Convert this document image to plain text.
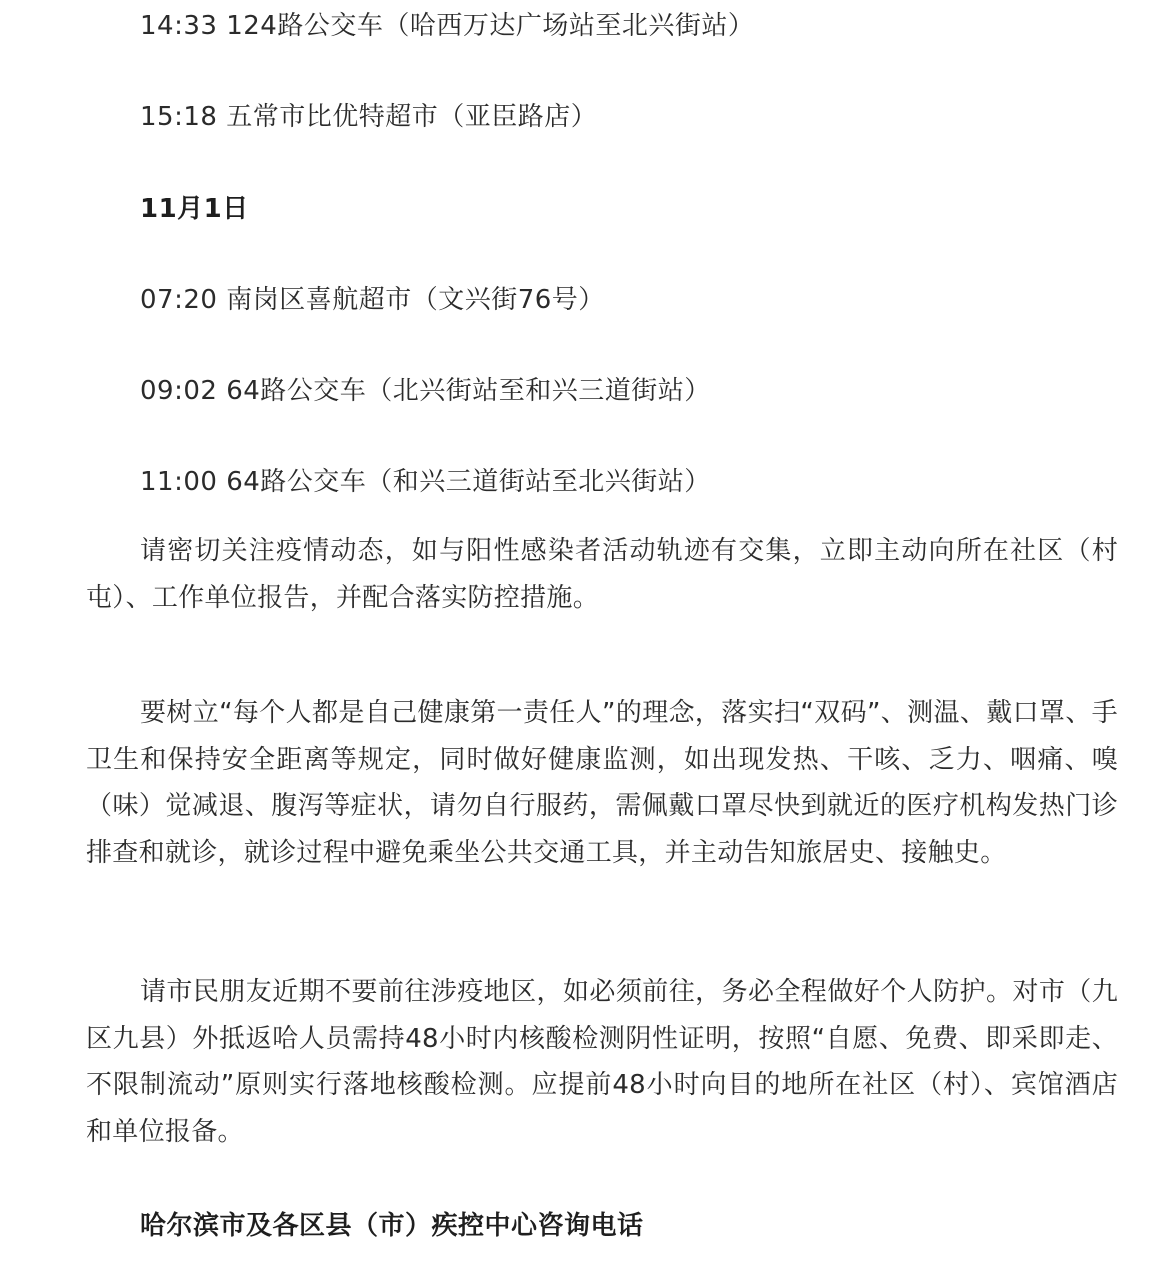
14:33 124路公交车（哈西万达广场站至北兴街站）
15:18 五常市比优特超市（亚臣路店）
11月1日
07:20 南岗区喜航超市（文兴街76号）
09:02 64路公交车（北兴街站至和兴三道街站）
11:00 64路公交车（和兴三道街站至北兴街站）

请密切关注疫情动态，如与阳性感染者活动轨迹有交集，立即主动向所在社区（村屯）、工作单位报告，并配合落实防控措施。

要树立“每个人都是自己健康第一责任人”的理念，落实扫“双码”、测温、戴口罩、手卫生和保持安全距离等规定，同时做好健康监测，如出现发热、干咳、乏力、咽痛、嗅（味）觉减退、腹泻等症状，请勿自行服药，需佩戴口罩尽快到就近的医疗机构发热门诊排查和就诊，就诊过程中避免乘坐公共交通工具，并主动告知旅居史、接触史。

请市民朋友近期不要前往涉疫地区，如必须前往，务必全程做好个人防护。对市（九区九县）外抵返哈人员需持48小时内核酸检测阴性证明，按照“自愿、免费、即采即走、不限制流动”原则实行落地核酸检测。应提前48小时向目的地所在社区（村）、宾馆酒店和单位报备。

哈尔滨市及各区县（市）疾控中心咨询电话
